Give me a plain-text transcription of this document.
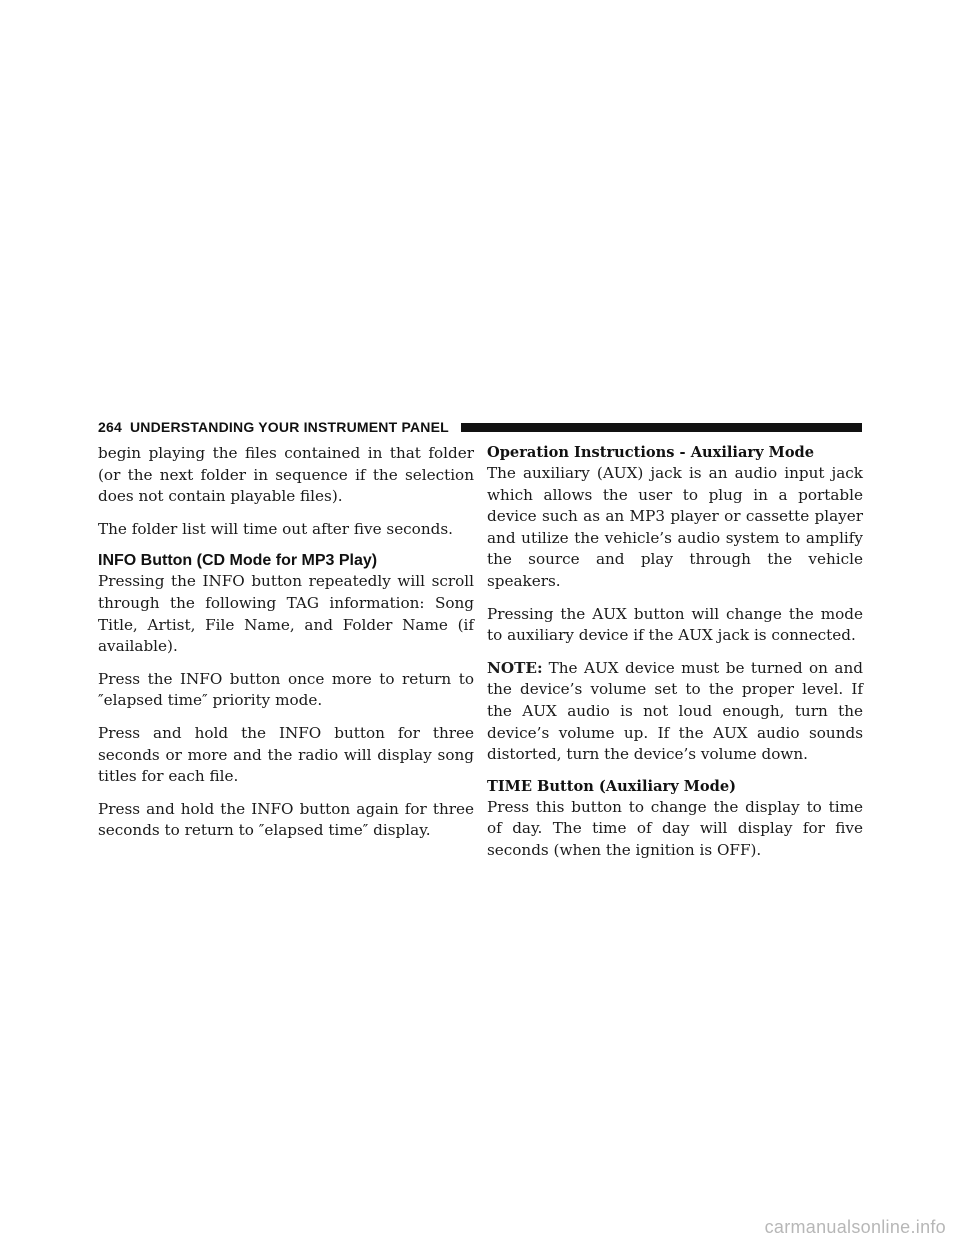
264 UNDERSTANDING YOUR INSTRUMENT PANEL

begin playing the files contained in that folder (or the next folder in sequence if the selection does not contain playable files).

The folder list will time out after five seconds.

INFO Button (CD Mode for MP3 Play)

Pressing the INFO button repeatedly will scroll through the following TAG information: Song Title, Artist, File Name, and Folder Name (if available).

Press the INFO button once more to return to ″elapsed time″ priority mode.

Press and hold the INFO button for three seconds or more and the radio will display song titles for each file.

Press and hold the INFO button again for three seconds to return to ″elapsed time″ display.

Operation Instructions - Auxiliary Mode

The auxiliary (AUX) jack is an audio input jack which allows the user to plug in a portable device such as an MP3 player or cassette player and utilize the vehicle’s audio system to amplify the source and play through the vehicle speakers.

Pressing the AUX button will change the mode to auxiliary device if the AUX jack is connected.

NOTE: The AUX device must be turned on and the device’s volume set to the proper level. If the AUX audio is not loud enough, turn the device’s volume up. If the AUX audio sounds distorted, turn the device’s volume down.

TIME Button (Auxiliary Mode)

Press this button to change the display to time of day. The time of day will display for five seconds (when the ignition is OFF).

carmanualsonline.info
